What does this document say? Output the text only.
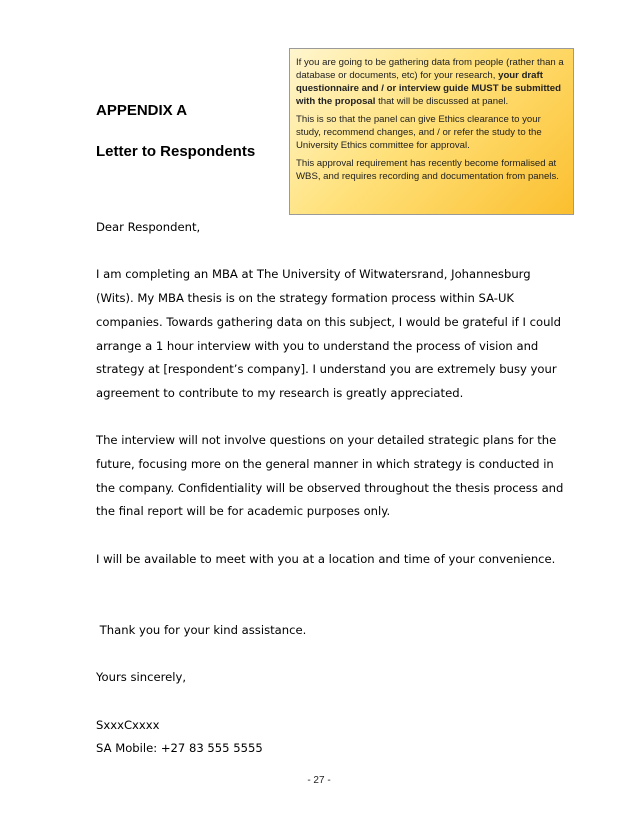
APPENDIX A
Letter to Respondents

If you are going to be gathering data from people (rather than a database or documents, etc) for your research, your draft questionnaire and / or interview guide MUST be submitted with the proposal that will be discussed at panel.

This is so that the panel can give Ethics clearance to your study, recommend changes, and / or refer the study to the University Ethics committee for approval.

This approval requirement has recently become formalised at WBS, and requires recording and documentation from panels.

Dear Respondent,

I am completing an MBA at The University of Witwatersrand, Johannesburg (Wits). My MBA thesis is on the strategy formation process within SA-UK companies. Towards gathering data on this subject, I would be grateful if I could arrange a 1 hour interview with you to understand the process of vision and strategy at [respondent’s company]. I understand you are extremely busy your agreement to contribute to my research is greatly appreciated.

The interview will not involve questions on your detailed strategic plans for the future, focusing more on the general manner in which strategy is conducted in the company. Confidentiality will be observed throughout the thesis process and the final report will be for academic purposes only.

I will be available to meet with you at a location and time of your convenience.

Thank you for your kind assistance.

Yours sincerely,

SxxxCxxxx

SA Mobile: +27 83 555 5555

- 27 -
